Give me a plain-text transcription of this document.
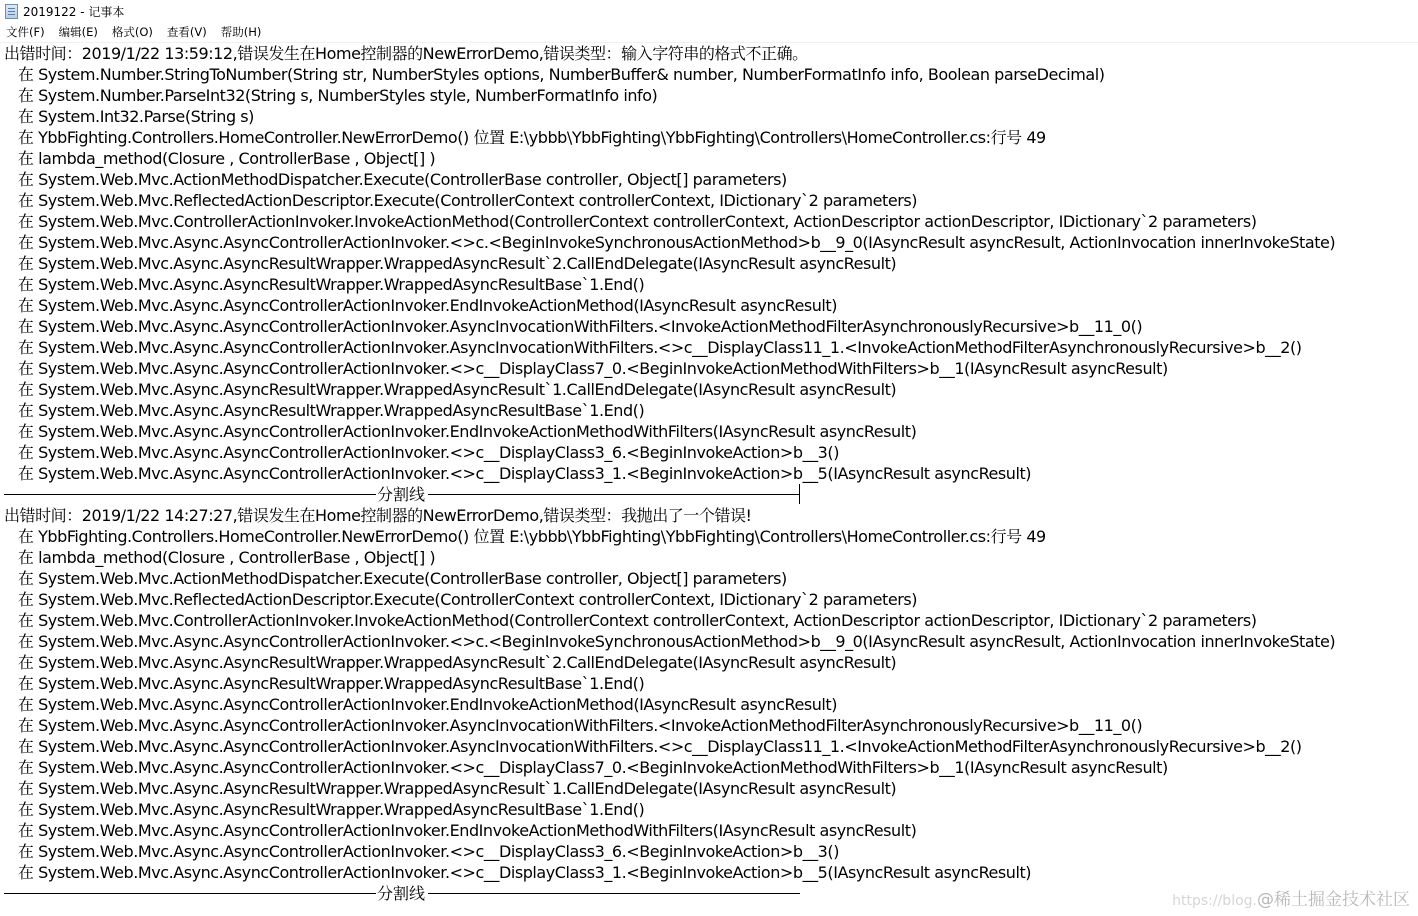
2019122 - 记事本
文件(F)	编辑(E)	格式(O)	查看(V)	帮助(H)
出错时间：2019/1/22 13:59:12,错误发生在Home控制器的NewErrorDemo,错误类型：输入字符串的格式不正确。
在 System.Number.StringToNumber(String str, NumberStyles options, NumberBuffer& number, NumberFormatInfo info, Boolean parseDecimal)
在 System.Number.ParseInt32(String s, NumberStyles style, NumberFormatInfo info)
在 System.Int32.Parse(String s)
在 YbbFighting.Controllers.HomeController.NewErrorDemo() 位置 E:\ybbb\YbbFighting\YbbFighting\Controllers\HomeController.cs:行号 49
在 lambda_method(Closure , ControllerBase , Object[] )
在 System.Web.Mvc.ActionMethodDispatcher.Execute(ControllerBase controller, Object[] parameters)
在 System.Web.Mvc.ReflectedActionDescriptor.Execute(ControllerContext controllerContext, IDictionary`2 parameters)
在 System.Web.Mvc.ControllerActionInvoker.InvokeActionMethod(ControllerContext controllerContext, ActionDescriptor actionDescriptor, IDictionary`2 parameters)
在 System.Web.Mvc.Async.AsyncControllerActionInvoker.<>c.<BeginInvokeSynchronousActionMethod>b__9_0(IAsyncResult asyncResult, ActionInvocation innerInvokeState)
在 System.Web.Mvc.Async.AsyncResultWrapper.WrappedAsyncResult`2.CallEndDelegate(IAsyncResult asyncResult)
在 System.Web.Mvc.Async.AsyncResultWrapper.WrappedAsyncResultBase`1.End()
在 System.Web.Mvc.Async.AsyncControllerActionInvoker.EndInvokeActionMethod(IAsyncResult asyncResult)
在 System.Web.Mvc.Async.AsyncControllerActionInvoker.AsyncInvocationWithFilters.<InvokeActionMethodFilterAsynchronouslyRecursive>b__11_0()
在 System.Web.Mvc.Async.AsyncControllerActionInvoker.AsyncInvocationWithFilters.<>c__DisplayClass11_1.<InvokeActionMethodFilterAsynchronouslyRecursive>b__2()
在 System.Web.Mvc.Async.AsyncControllerActionInvoker.<>c__DisplayClass7_0.<BeginInvokeActionMethodWithFilters>b__1(IAsyncResult asyncResult)
在 System.Web.Mvc.Async.AsyncResultWrapper.WrappedAsyncResult`1.CallEndDelegate(IAsyncResult asyncResult)
在 System.Web.Mvc.Async.AsyncResultWrapper.WrappedAsyncResultBase`1.End()
在 System.Web.Mvc.Async.AsyncControllerActionInvoker.EndInvokeActionMethodWithFilters(IAsyncResult asyncResult)
在 System.Web.Mvc.Async.AsyncControllerActionInvoker.<>c__DisplayClass3_6.<BeginInvokeAction>b__3()
在 System.Web.Mvc.Async.AsyncControllerActionInvoker.<>c__DisplayClass3_1.<BeginInvokeAction>b__5(IAsyncResult asyncResult)
分割线
出错时间：2019/1/22 14:27:27,错误发生在Home控制器的NewErrorDemo,错误类型：我抛出了一个错误!
在 YbbFighting.Controllers.HomeController.NewErrorDemo() 位置 E:\ybbb\YbbFighting\YbbFighting\Controllers\HomeController.cs:行号 49
在 lambda_method(Closure , ControllerBase , Object[] )
在 System.Web.Mvc.ActionMethodDispatcher.Execute(ControllerBase controller, Object[] parameters)
在 System.Web.Mvc.ReflectedActionDescriptor.Execute(ControllerContext controllerContext, IDictionary`2 parameters)
在 System.Web.Mvc.ControllerActionInvoker.InvokeActionMethod(ControllerContext controllerContext, ActionDescriptor actionDescriptor, IDictionary`2 parameters)
在 System.Web.Mvc.Async.AsyncControllerActionInvoker.<>c.<BeginInvokeSynchronousActionMethod>b__9_0(IAsyncResult asyncResult, ActionInvocation innerInvokeState)
在 System.Web.Mvc.Async.AsyncResultWrapper.WrappedAsyncResult`2.CallEndDelegate(IAsyncResult asyncResult)
在 System.Web.Mvc.Async.AsyncResultWrapper.WrappedAsyncResultBase`1.End()
在 System.Web.Mvc.Async.AsyncControllerActionInvoker.EndInvokeActionMethod(IAsyncResult asyncResult)
在 System.Web.Mvc.Async.AsyncControllerActionInvoker.AsyncInvocationWithFilters.<InvokeActionMethodFilterAsynchronouslyRecursive>b__11_0()
在 System.Web.Mvc.Async.AsyncControllerActionInvoker.AsyncInvocationWithFilters.<>c__DisplayClass11_1.<InvokeActionMethodFilterAsynchronouslyRecursive>b__2()
在 System.Web.Mvc.Async.AsyncControllerActionInvoker.<>c__DisplayClass7_0.<BeginInvokeActionMethodWithFilters>b__1(IAsyncResult asyncResult)
在 System.Web.Mvc.Async.AsyncResultWrapper.WrappedAsyncResult`1.CallEndDelegate(IAsyncResult asyncResult)
在 System.Web.Mvc.Async.AsyncResultWrapper.WrappedAsyncResultBase`1.End()
在 System.Web.Mvc.Async.AsyncControllerActionInvoker.EndInvokeActionMethodWithFilters(IAsyncResult asyncResult)
在 System.Web.Mvc.Async.AsyncControllerActionInvoker.<>c__DisplayClass3_6.<BeginInvokeAction>b__3()
在 System.Web.Mvc.Async.AsyncControllerActionInvoker.<>c__DisplayClass3_1.<BeginInvokeAction>b__5(IAsyncResult asyncResult)
分割线	https://blog.@稀土掘金技术社区
